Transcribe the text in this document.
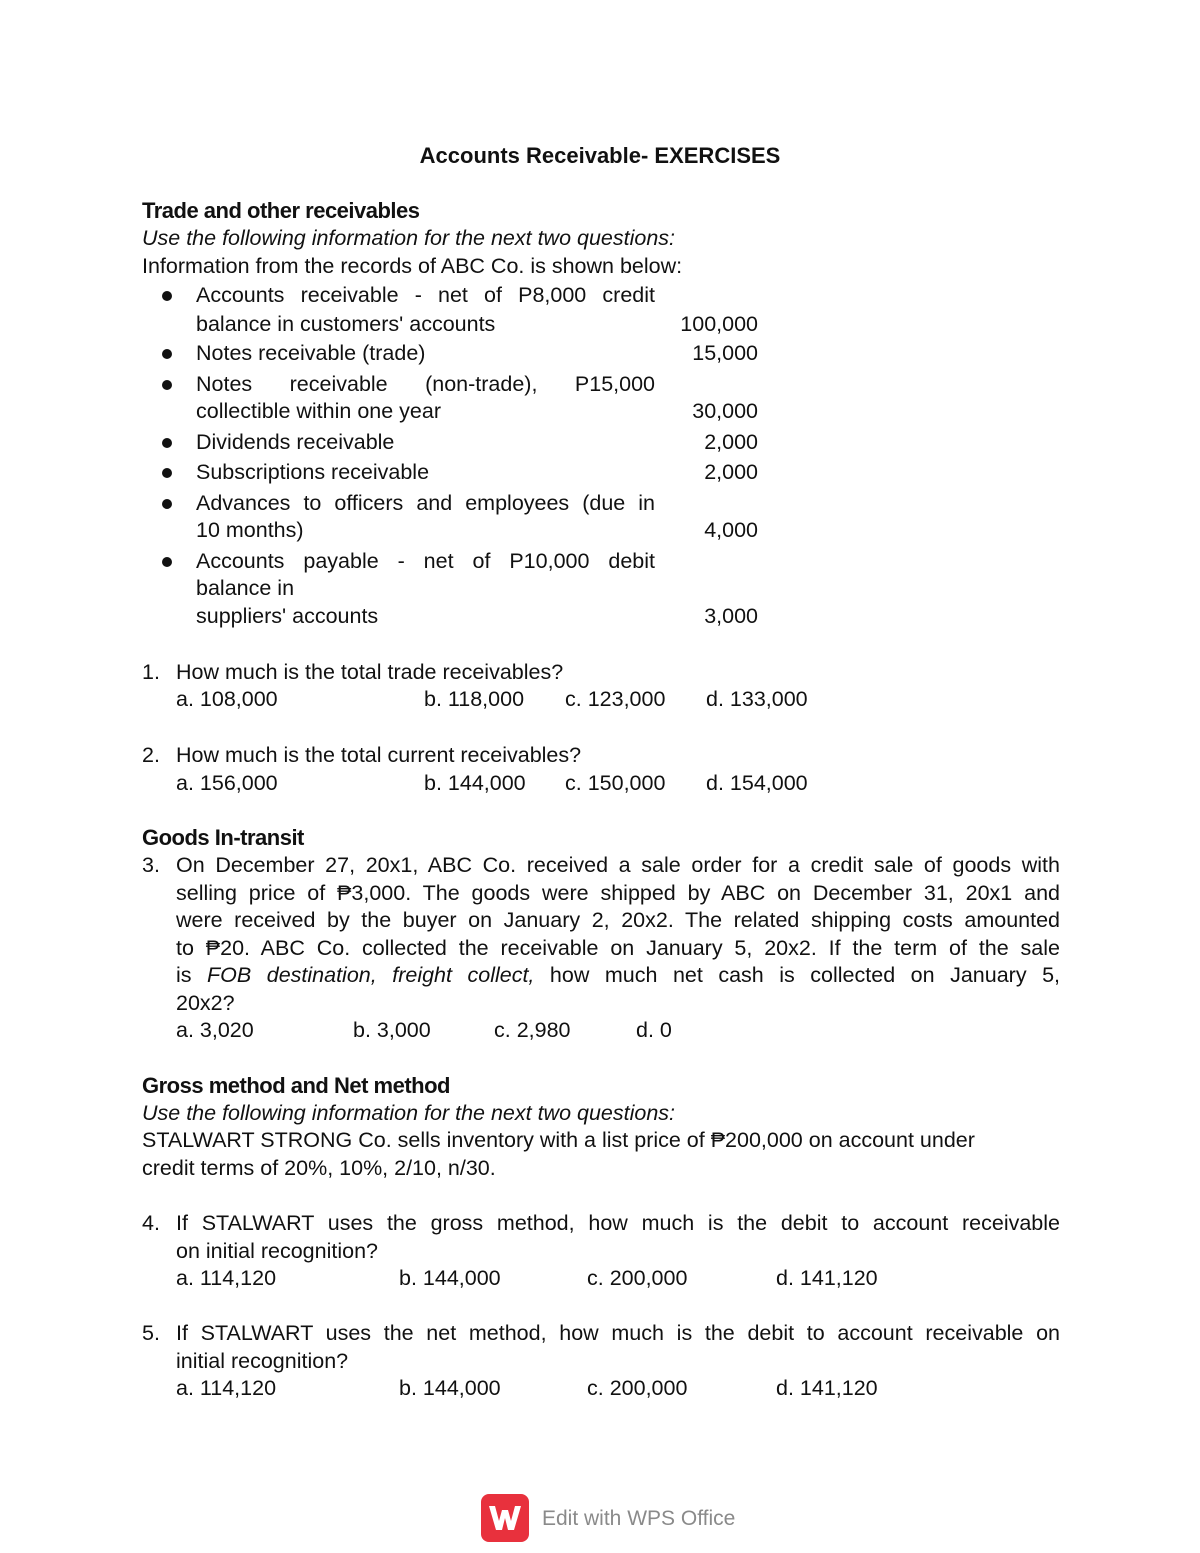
Accounts Receivable- EXERCISES
Trade and other receivables
Use the following information for the next two questions:
Information from the records of ABC Co. is shown below:
Accounts receivable - net of P8,000 credit
balance in customers' accounts	100,000
Notes receivable (trade)	15,000
Notes receivable (non-trade), P15,000
collectible within one year	30,000
Dividends receivable	2,000
Subscriptions receivable	2,000
Advances to officers and employees (due in
10 months)	4,000
Accounts payable - net of P10,000 debit
balance in
suppliers' accounts	3,000
1. How much is the total trade receivables?
a. 108,000	b. 118,000 c. 123,000 d. 133,000
2. How much is the total current receivables?
a. 156,000	b. 144,000 c. 150,000 d. 154,000
Goods In-transit
3. On December 27, 20x1, ABC Co. received a sale order for a credit sale of goods with
selling price of ₱3,000. The goods were shipped by ABC on December 31, 20x1 and
were received by the buyer on January 2, 20x2. The related shipping costs amounted
to ₱20. ABC Co. collected the receivable on January 5, 20x2. If the term of the sale
is FOB destination, freight collect, how much net cash is collected on January 5,
20x2?
a. 3,020	b. 3,000	c. 2,980	d. 0
Gross method and Net method
Use the following information for the next two questions:
STALWART STRONG Co. sells inventory with a list price of ₱200,000 on account under
credit terms of 20%, 10%, 2/10, n/30.
4. If STALWART uses the gross method, how much is the debit to account receivable
on initial recognition?
a. 114,120	b. 144,000	c. 200,000	d. 141,120
5. If STALWART uses the net method, how much is the debit to account receivable on
initial recognition?
a. 114,120	b. 144,000	c. 200,000	d. 141,120
Edit with WPS Office
